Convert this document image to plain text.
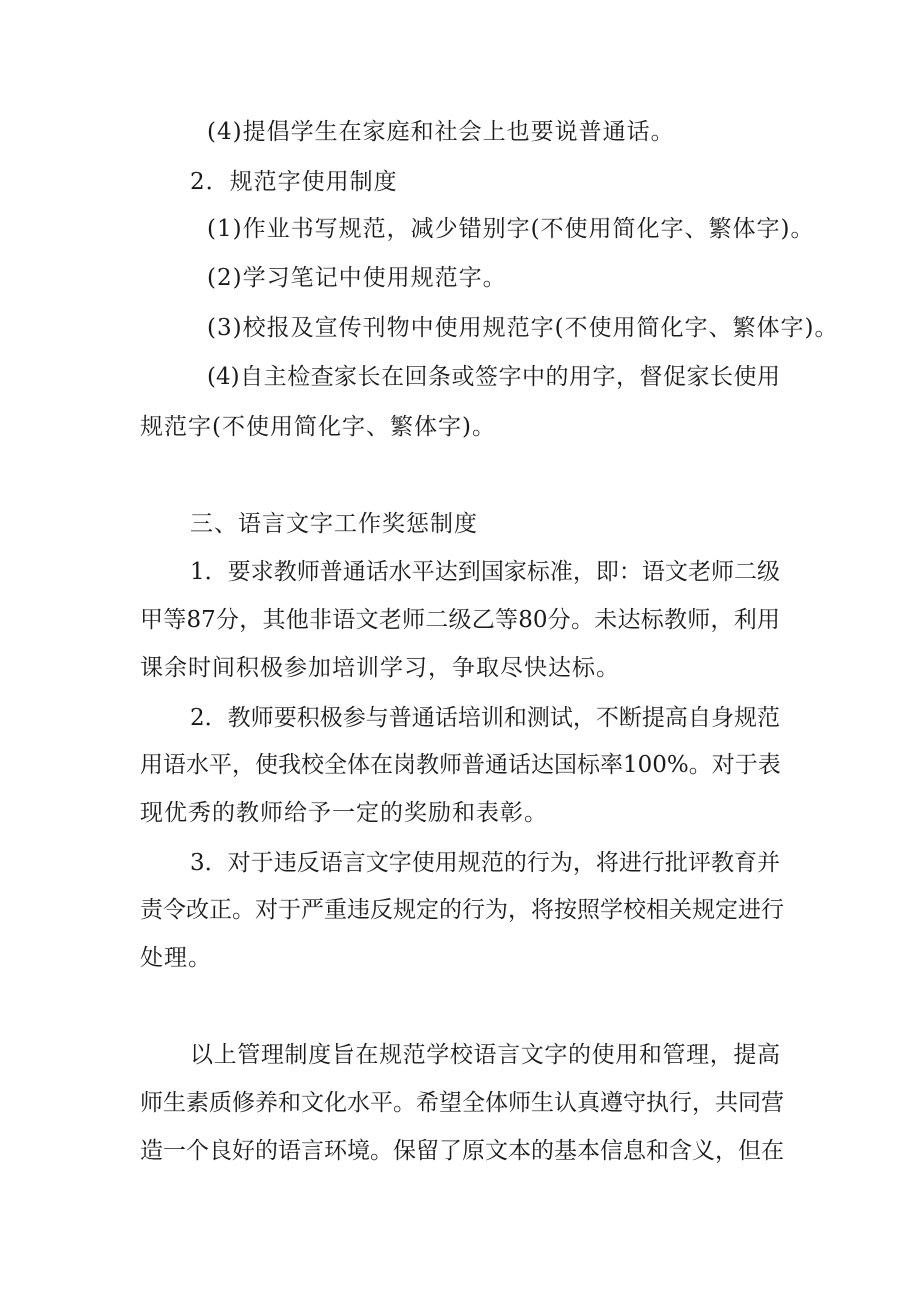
(4)提倡学生在家庭和社会上也要说普通话。
2．规范字使用制度
(1)作业书写规范，减少错别字(不使用简化字、繁体字)。
(2)学习笔记中使用规范字。
(3)校报及宣传刊物中使用规范字(不使用简化字、繁体字)。
(4)自主检查家长在回条或签字中的用字，督促家长使用
规范字(不使用简化字、繁体字)。
三、语言文字工作奖惩制度
1．要求教师普通话水平达到国家标准，即：语文老师二级
甲等87分，其他非语文老师二级乙等80分。未达标教师，利用
课余时间积极参加培训学习，争取尽快达标。
2．教师要积极参与普通话培训和测试，不断提高自身规范
用语水平，使我校全体在岗教师普通话达国标率100%。对于表
现优秀的教师给予一定的奖励和表彰。
3．对于违反语言文字使用规范的行为，将进行批评教育并
责令改正。对于严重违反规定的行为，将按照学校相关规定进行
处理。
以上管理制度旨在规范学校语言文字的使用和管理，提高
师生素质修养和文化水平。希望全体师生认真遵守执行，共同营
造一个良好的语言环境。保留了原文本的基本信息和含义，但在
